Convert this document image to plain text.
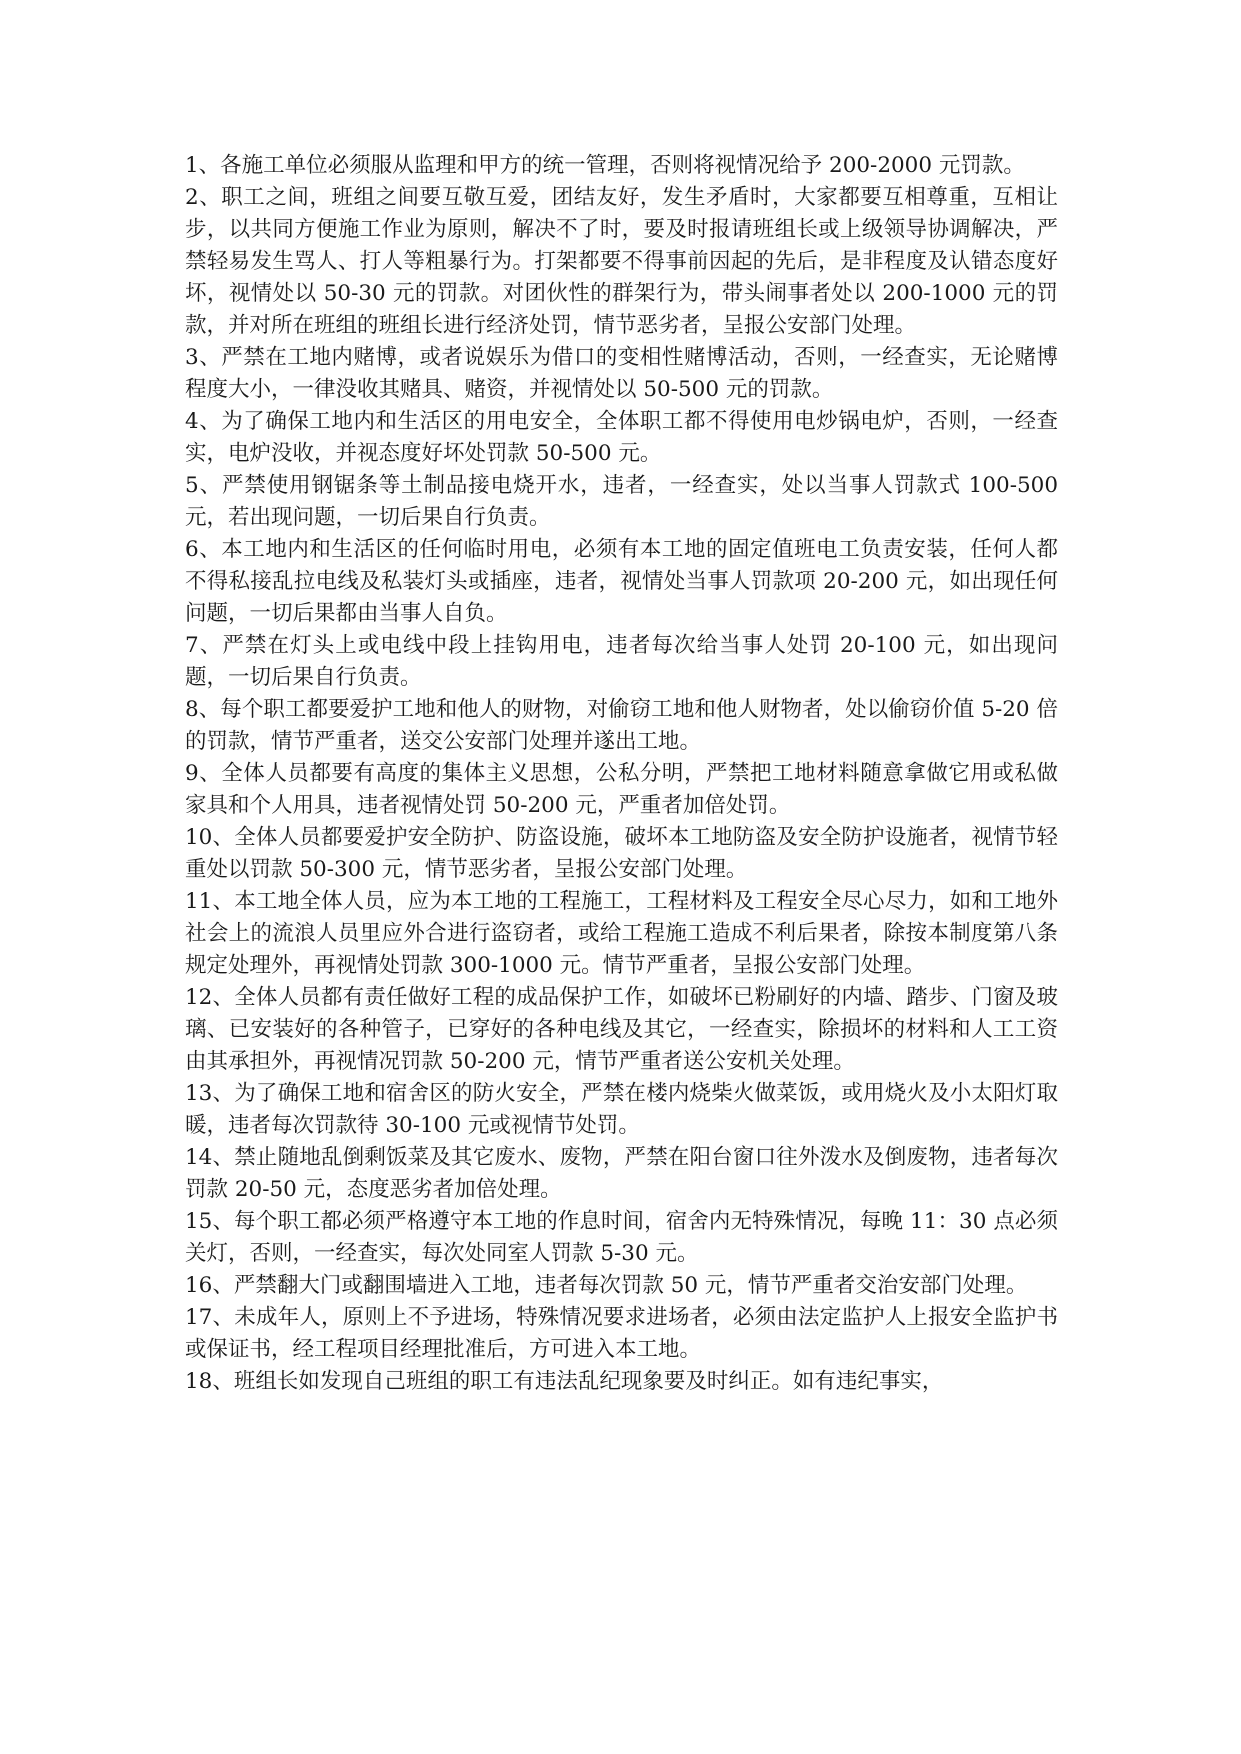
1、各施工单位必须服从监理和甲方的统一管理，否则将视情况给予 200-2000 元罚款。

2、职工之间，班组之间要互敬互爱，团结友好，发生矛盾时，大家都要互相尊重，互相让步，以共同方便施工作业为原则，解决不了时，要及时报请班组长或上级领导协调解决，严禁轻易发生骂人、打人等粗暴行为。打架都要不得事前因起的先后，是非程度及认错态度好坏，视情处以 50-30 元的罚款。对团伙性的群架行为，带头闹事者处以 200-1000 元的罚款，并对所在班组的班组长进行经济处罚，情节恶劣者，呈报公安部门处理。

3、严禁在工地内赌博，或者说娱乐为借口的变相性赌博活动，否则，一经查实，无论赌博程度大小，一律没收其赌具、赌资，并视情处以 50-500 元的罚款。

4、为了确保工地内和生活区的用电安全，全体职工都不得使用电炒锅电炉，否则，一经查实，电炉没收，并视态度好坏处罚款 50-500 元。

5、严禁使用钢锯条等土制品接电烧开水，违者，一经查实，处以当事人罚款式 100-500 元，若出现问题，一切后果自行负责。

6、本工地内和生活区的任何临时用电，必须有本工地的固定值班电工负责安装，任何人都不得私接乱拉电线及私装灯头或插座，违者，视情处当事人罚款项 20-200 元，如出现任何问题，一切后果都由当事人自负。

7、严禁在灯头上或电线中段上挂钩用电，违者每次给当事人处罚 20-100 元，如出现问题，一切后果自行负责。

8、每个职工都要爱护工地和他人的财物，对偷窃工地和他人财物者，处以偷窃价值 5-20 倍的罚款，情节严重者，送交公安部门处理并遂出工地。

9、全体人员都要有高度的集体主义思想，公私分明，严禁把工地材料随意拿做它用或私做家具和个人用具，违者视情处罚 50-200 元，严重者加倍处罚。

10、全体人员都要爱护安全防护、防盗设施，破坏本工地防盗及安全防护设施者，视情节轻重处以罚款 50-300 元，情节恶劣者，呈报公安部门处理。

11、本工地全体人员，应为本工地的工程施工，工程材料及工程安全尽心尽力，如和工地外社会上的流浪人员里应外合进行盗窃者，或给工程施工造成不利后果者，除按本制度第八条规定处理外，再视情处罚款 300-1000 元。情节严重者，呈报公安部门处理。

12、全体人员都有责任做好工程的成品保护工作，如破坏已粉刷好的内墙、踏步、门窗及玻璃、已安装好的各种管子，已穿好的各种电线及其它，一经查实，除损坏的材料和人工工资由其承担外，再视情况罚款 50-200 元，情节严重者送公安机关处理。

13、为了确保工地和宿舍区的防火安全，严禁在楼内烧柴火做菜饭，或用烧火及小太阳灯取暖，违者每次罚款待 30-100 元或视情节处罚。

14、禁止随地乱倒剩饭菜及其它废水、废物，严禁在阳台窗口往外泼水及倒废物，违者每次罚款 20-50 元，态度恶劣者加倍处理。

15、每个职工都必须严格遵守本工地的作息时间，宿舍内无特殊情况，每晚 11：30 点必须关灯，否则，一经查实，每次处同室人罚款 5-30 元。

16、严禁翻大门或翻围墙进入工地，违者每次罚款 50 元，情节严重者交治安部门处理。

17、未成年人，原则上不予进场，特殊情况要求进场者，必须由法定监护人上报安全监护书或保证书，经工程项目经理批准后，方可进入本工地。

18、班组长如发现自己班组的职工有违法乱纪现象要及时纠正。如有违纪事实，
